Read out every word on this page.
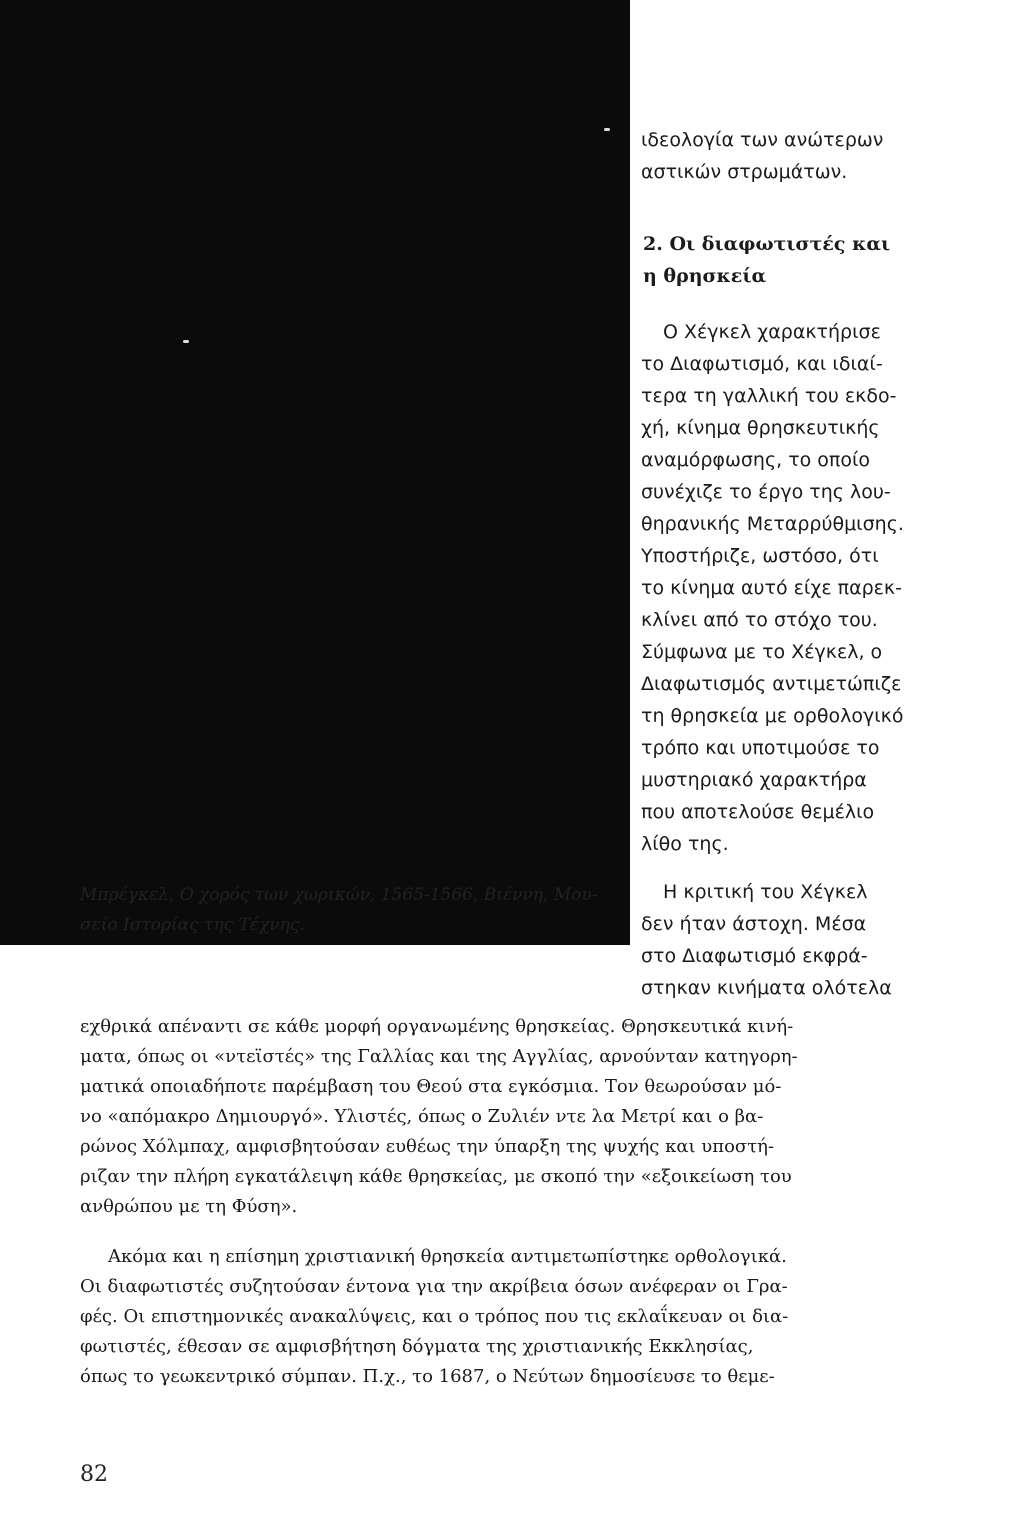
Μπρέγκελ, Ο χορός των χωρικών, 1565-1566, Βιέννη, Μου-
σείο Ιστορίας της Τέχνης.
ιδεολογία των ανώτερων
αστικών στρωμάτων.
2. Οι διαφωτιστές και
η θρησκεία
Ο Χέγκελ χαρακτήρισε
το Διαφωτισμό, και ιδιαί-
τερα τη γαλλική του εκδο-
χή, κίνημα θρησκευτικής
αναμόρφωσης, το οποίο
συνέχιζε το έργο της λου-
θηρανικής Μεταρρύθμισης.
Υποστήριζε, ωστόσο, ότι
το κίνημα αυτό είχε παρεκ-
κλίνει από το στόχο του.
Σύμφωνα με το Χέγκελ, ο
Διαφωτισμός αντιμετώπιζε
τη θρησκεία με ορθολογικό
τρόπο και υποτιμούσε το
μυστηριακό χαρακτήρα
που αποτελούσε θεμέλιο
λίθο της.
Η κριτική του Χέγκελ
δεν ήταν άστοχη. Μέσα
στο Διαφωτισμό εκφρά-
στηκαν κινήματα ολότελα
εχθρικά απέναντι σε κάθε μορφή οργανωμένης θρησκείας. Θρησκευτικά κινή-
ματα, όπως οι «ντεϊστές» της Γαλλίας και της Αγγλίας, αρνούνταν κατηγορη-
ματικά οποιαδήποτε παρέμβαση του Θεού στα εγκόσμια. Τον θεωρούσαν μό-
νο «απόμακρο Δημιουργό». Υλιστές, όπως ο Ζυλιέν ντε λα Μετρί και ο βα-
ρώνος Χόλμπαχ, αμφισβητούσαν ευθέως την ύπαρξη της ψυχής και υποστή-
ριζαν την πλήρη εγκατάλειψη κάθε θρησκείας, με σκοπό την «εξοικείωση του
ανθρώπου με τη Φύση».
Ακόμα και η επίσημη χριστιανική θρησκεία αντιμετωπίστηκε ορθολογικά.
Οι διαφωτιστές συζητούσαν έντονα για την ακρίβεια όσων ανέφεραν οι Γρα-
φές. Οι επιστημονικές ανακαλύψεις, και ο τρόπος που τις εκλαΐκευαν οι δια-
φωτιστές, έθεσαν σε αμφισβήτηση δόγματα της χριστιανικής Εκκλησίας,
όπως το γεωκεντρικό σύμπαν. Π.χ., το 1687, ο Νεύτων δημοσίευσε το θεμε-
82
